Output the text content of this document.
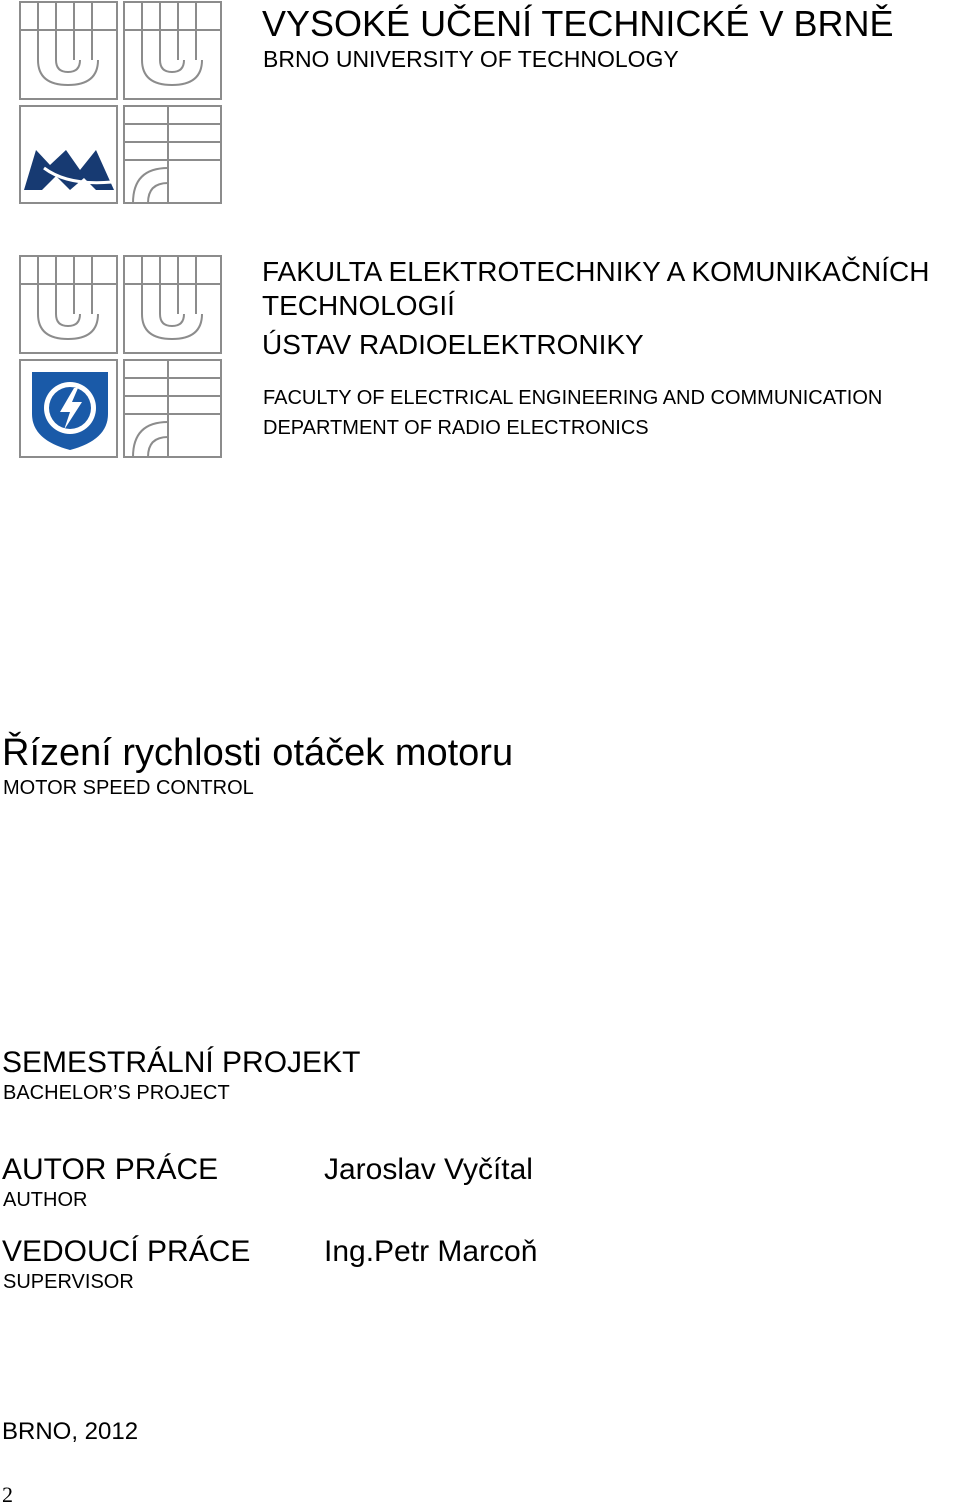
VYSOKÉ UČENÍ TECHNICKÉ V BRNĚ
BRNO UNIVERSITY OF TECHNOLOGY
FAKULTA ELEKTROTECHNIKY A KOMUNIKAČNÍCH
TECHNOLOGIÍ
ÚSTAV RADIOELEKTRONIKY
FACULTY OF ELECTRICAL ENGINEERING AND COMMUNICATION
DEPARTMENT OF RADIO ELECTRONICS
Řízení rychlosti otáček motoru
MOTOR SPEED CONTROL
SEMESTRÁLNÍ PROJEKT
BACHELOR’S PROJECT
AUTOR PRÁCE
AUTHOR
Jaroslav Vyčítal
VEDOUCÍ PRÁCE
SUPERVISOR
Ing.Petr Marcoň
BRNO, 2012
2
